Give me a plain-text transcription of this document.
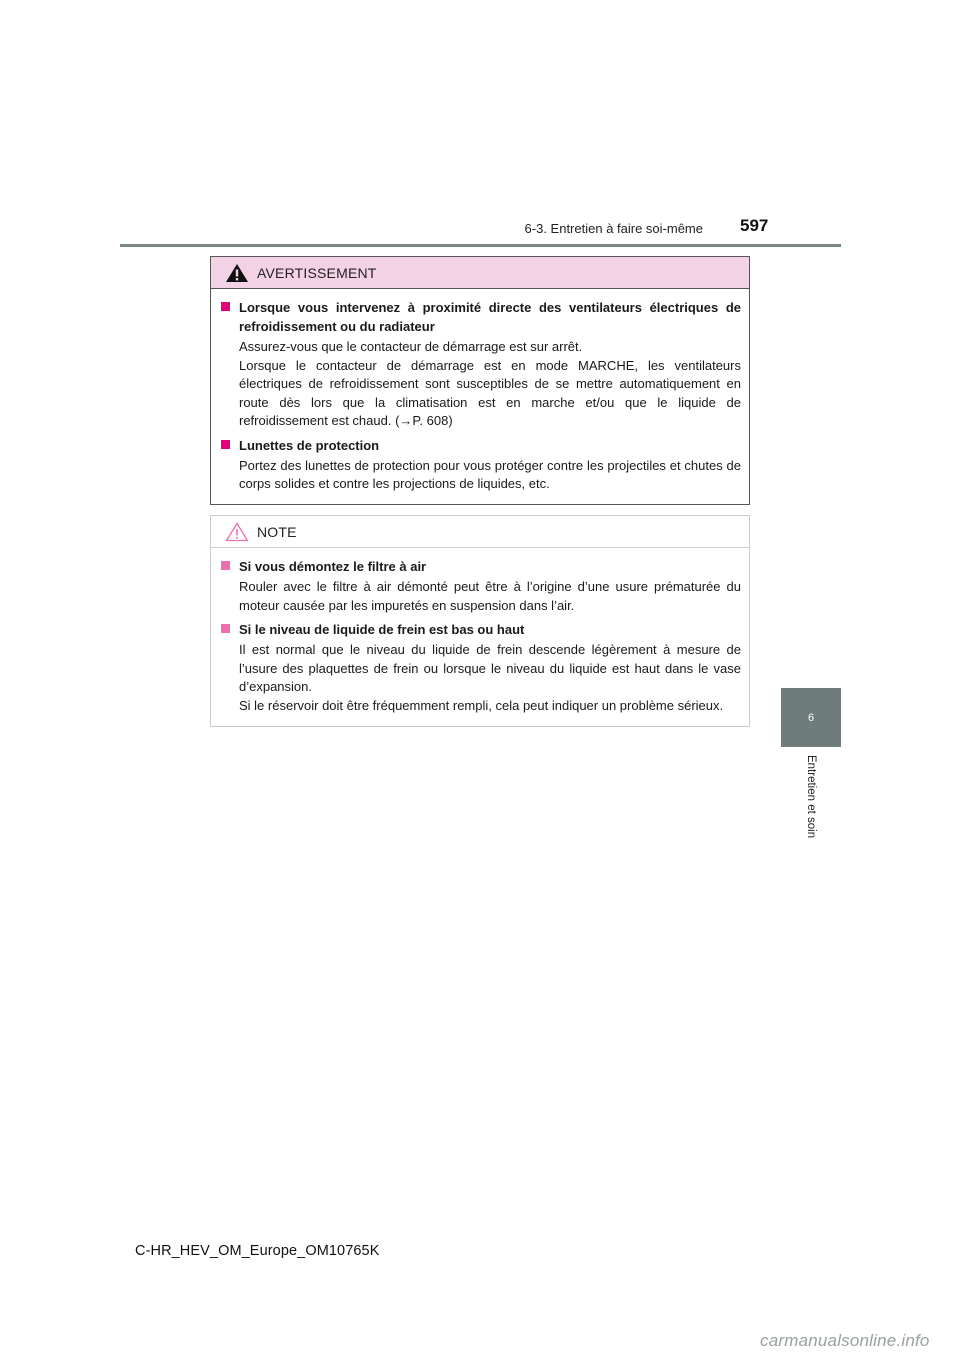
6-3. Entretien à faire soi-même 597
6
Entretien et soin
AVERTISSEMENT
Lorsque vous intervenez à proximité directe des ventilateurs électriques de refroidissement ou du radiateur

Assurez-vous que le contacteur de démarrage est sur arrêt.

Lorsque le contacteur de démarrage est en mode MARCHE, les ventilateurs électriques de refroidissement sont susceptibles de se mettre automatiquement en route dès lors que la climatisation est en marche et/ou que le liquide de refroidissement est chaud. (→P. 608)

Lunettes de protection

Portez des lunettes de protection pour vous protéger contre les projectiles et chutes de corps solides et contre les projections de liquides, etc.

NOTE
Si vous démontez le filtre à air

Rouler avec le filtre à air démonté peut être à l’origine d’une usure prématurée du moteur causée par les impuretés en suspension dans l’air.

Si le niveau de liquide de frein est bas ou haut

Il est normal que le niveau du liquide de frein descende légèrement à mesure de l’usure des plaquettes de frein ou lorsque le niveau du liquide est haut dans le vase d’expansion.

Si le réservoir doit être fréquemment rempli, cela peut indiquer un problème sérieux.

C-HR_HEV_OM_Europe_OM10765K
carmanualsonline.info
